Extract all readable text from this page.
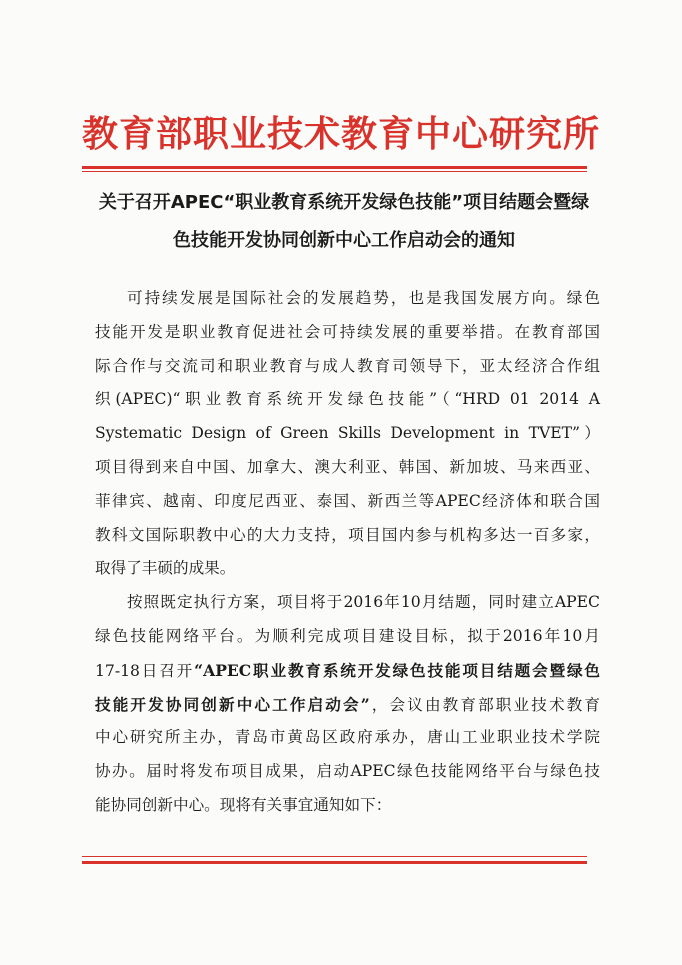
教育部职业技术教育中心研究所
关于召开APEC“职业教育系统开发绿色技能”项目结题会暨绿
色技能开发协同创新中心工作启动会的通知
可持续发展是国际社会的发展趋势，也是我国发展方向。绿色
技能开发是职业教育促进社会可持续发展的重要举措。在教育部国
际合作与交流司和职业教育与成人教育司领导下，亚太经济合作组
织(APEC)“职业教育系统开发绿色技能”（“HRD 01 2014 A
Systematic Design of Green Skills Development in TVET”）
项目得到来自中国、加拿大、澳大利亚、韩国、新加坡、马来西亚、
菲律宾、越南、印度尼西亚、泰国、新西兰等APEC经济体和联合国
教科文国际职教中心的大力支持，项目国内参与机构多达一百多家，
取得了丰硕的成果。
按照既定执行方案，项目将于2016年10月结题，同时建立APEC
绿色技能网络平台。为顺利完成项目建设目标，拟于2016年10月
17-18日召开“APEC职业教育系统开发绿色技能项目结题会暨绿色
技能开发协同创新中心工作启动会”，会议由教育部职业技术教育
中心研究所主办，青岛市黄岛区政府承办，唐山工业职业技术学院
协办。届时将发布项目成果，启动APEC绿色技能网络平台与绿色技
能协同创新中心。现将有关事宜通知如下：
